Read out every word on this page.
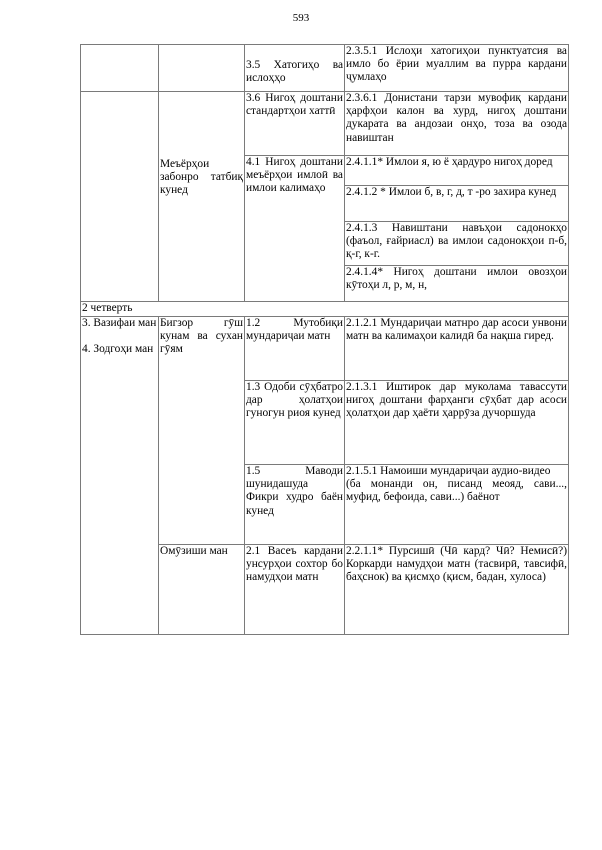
593

		3.5 Хатогиҳо ва ислоҳҳо	2.3.5.1 Ислоҳи хатогиҳои пунктуатсия ва имло бо ёрии муаллим ва пурра кардани ҷумлаҳо

	Меъёрҳои забонро татбиқ кунед	3.6 Нигоҳ доштани стандартҳои хаттӣ	2.3.6.1 Донистани тарзи мувофиқ кардани ҳарфҳои калон ва хурд, нигоҳ доштани дукарата ва андозаи онҳо, тоза ва озода навиштан

		4.1 Нигоҳ доштани меъёрҳои имлоӣ ва имлои калимаҳо	2.4.1.1* Имлои я, ю ё ҳардуро нигоҳ доред

			2.4.1.2 * Имлои б, в, г, д, т -ро захира кунед

			2.4.1.3 Навиштани навъҳои садонокҳо (фаъол, ғайриасл) ва имлои садонокҳои п-б, қ-г, к-г.

			2.4.1.4* Нигоҳ доштани имлои овозҳои кӯтоҳи л, р, м, н,

2 четверть			

3. Вазифаи ман

4. Зодгоҳи ман	Бигзор гӯш кунам ва сухан гӯям	1.2 Мутобиқи мундариҷаи матн	2.1.2.1 Мундариҷаи матнро дар асоси унвони матн ва калимаҳои калидӣ ба нақша гиред.

		1.3 Одоби сӯҳбатро дар ҳолатҳои гуногун риоя кунед	2.1.3.1 Иштирок дар муколама тавассути нигоҳ доштани фарҳанги сӯҳбат дар асоси ҳолатҳои дар ҳаёти ҳаррӯза дучоршуда

		1.5 Маводи шунидашуда Фикри худро баён кунед	2.1.5.1 Намоиши мундариҷаи аудио-видео
(ба монанди он, писанд меояд, сави..., муфид, бефоида, сави...) баёнот

	Омӯзиши ман	2.1 Васеъ кардани унсурҳои сохтор бо намудҳои матн	2.2.1.1* Пурсишӣ (Чӣ кард? Чӣ? Немисӣ?) Коркарди намудҳои матн (тасвирӣ, тавсифӣ, баҳснок) ва қисмҳо (қисм, бадан, хулоса)
